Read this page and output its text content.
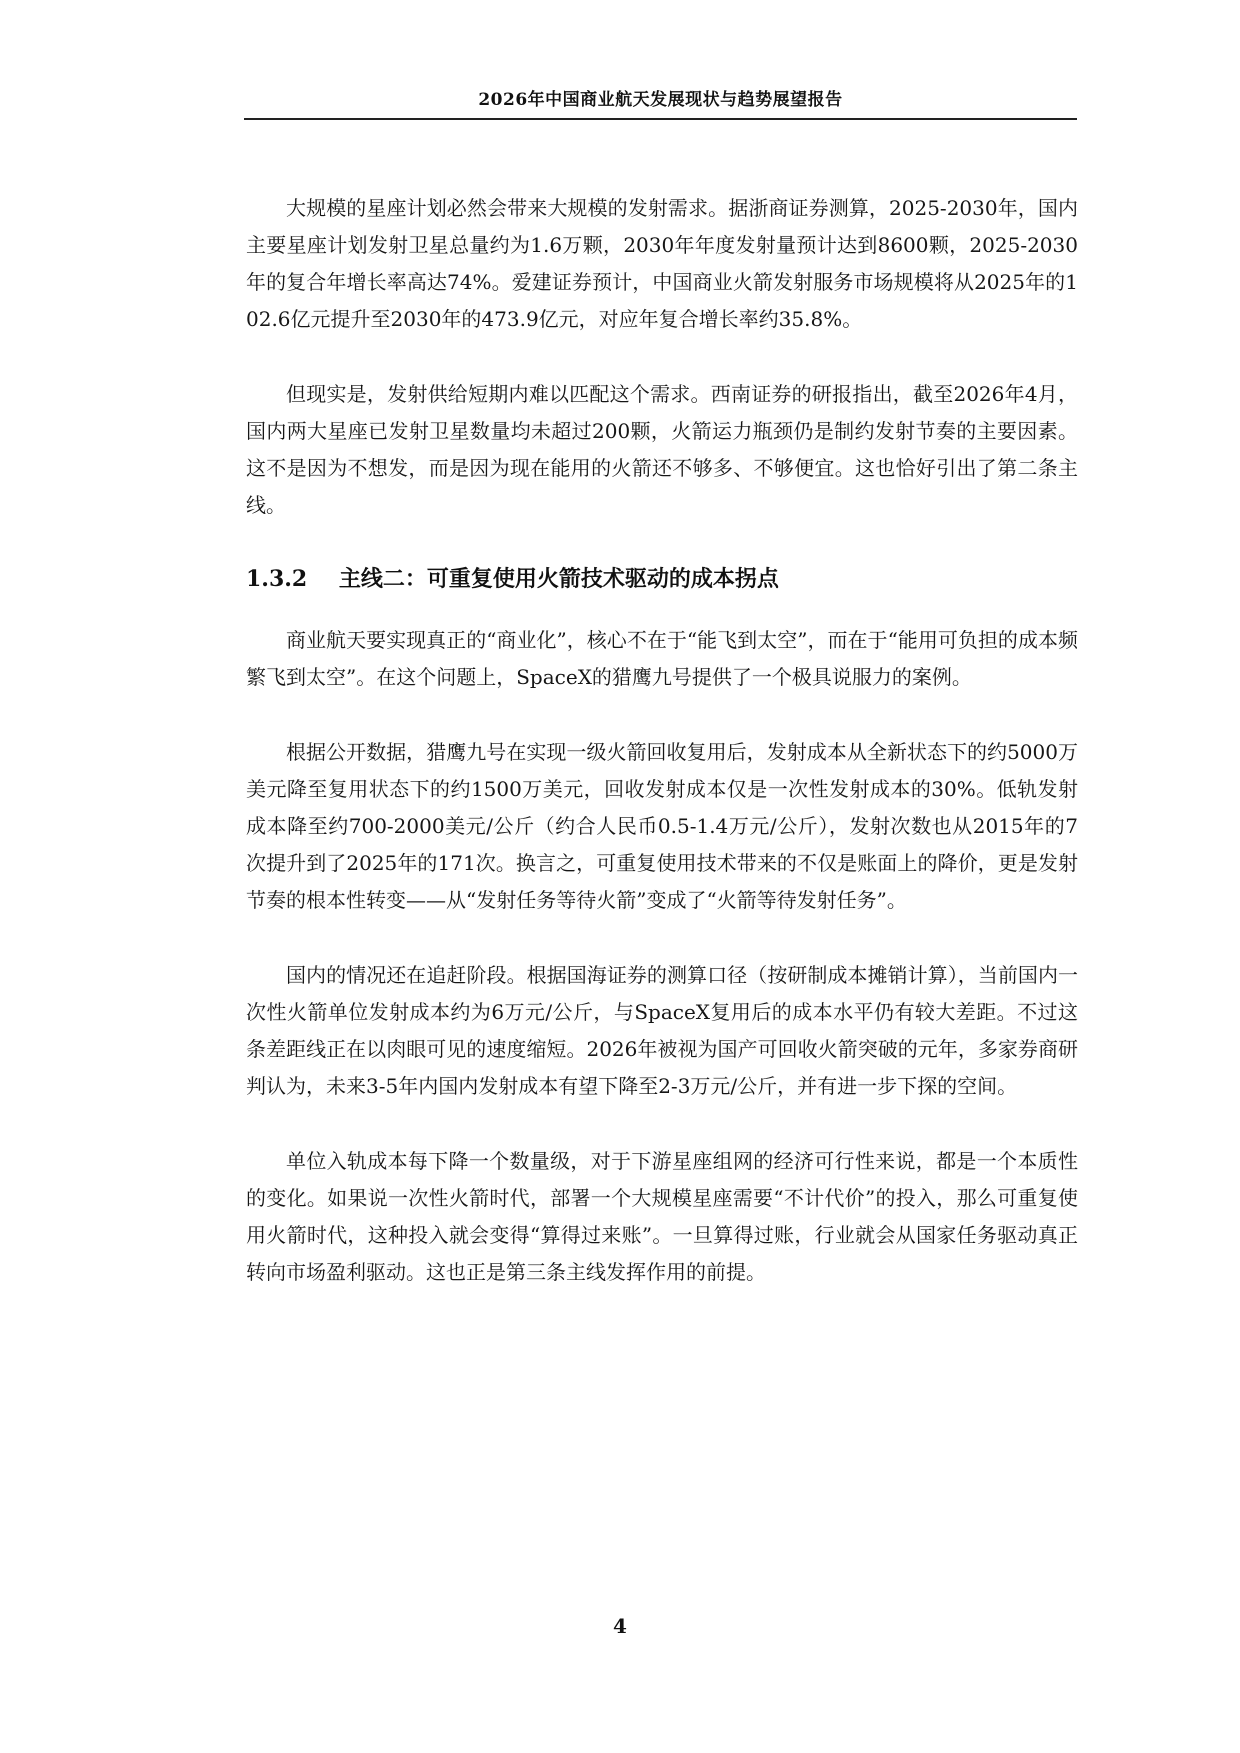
2026年中国商业航天发展现状与趋势展望报告

大规模的星座计划必然会带来大规模的发射需求。据浙商证券测算，2025-2030年，国内主要星座计划发射卫星总量约为1.6万颗，2030年年度发射量预计达到8600颗，2025-2030年的复合年增长率高达74%。爱建证券预计，中国商业火箭发射服务市场规模将从2025年的102.6亿元提升至2030年的473.9亿元，对应年复合增长率约35.8%。

但现实是，发射供给短期内难以匹配这个需求。西南证券的研报指出，截至2026年4月，国内两大星座已发射卫星数量均未超过200颗，火箭运力瓶颈仍是制约发射节奏的主要因素。这不是因为不想发，而是因为现在能用的火箭还不够多、不够便宜。这也恰好引出了第二条主线。

1.3.2 主线二：可重复使用火箭技术驱动的成本拐点

商业航天要实现真正的“商业化”，核心不在于“能飞到太空”，而在于“能用可负担的成本频繁飞到太空”。在这个问题上，SpaceX的猎鹰九号提供了一个极具说服力的案例。

根据公开数据，猎鹰九号在实现一级火箭回收复用后，发射成本从全新状态下的约5000万美元降至复用状态下的约1500万美元，回收发射成本仅是一次性发射成本的30%。低轨发射成本降至约700-2000美元/公斤（约合人民币0.5-1.4万元/公斤），发射次数也从2015年的7次提升到了2025年的171次。换言之，可重复使用技术带来的不仅是账面上的降价，更是发射节奏的根本性转变——从“发射任务等待火箭”变成了“火箭等待发射任务”。

国内的情况还在追赶阶段。根据国海证券的测算口径（按研制成本摊销计算），当前国内一次性火箭单位发射成本约为6万元/公斤，与SpaceX复用后的成本水平仍有较大差距。不过这条差距线正在以肉眼可见的速度缩短。2026年被视为国产可回收火箭突破的元年，多家券商研判认为，未来3-5年内国内发射成本有望下降至2-3万元/公斤，并有进一步下探的空间。

单位入轨成本每下降一个数量级，对于下游星座组网的经济可行性来说，都是一个本质性的变化。如果说一次性火箭时代，部署一个大规模星座需要“不计代价”的投入，那么可重复使用火箭时代，这种投入就会变得“算得过来账”。一旦算得过账，行业就会从国家任务驱动真正转向市场盈利驱动。这也正是第三条主线发挥作用的前提。

4
